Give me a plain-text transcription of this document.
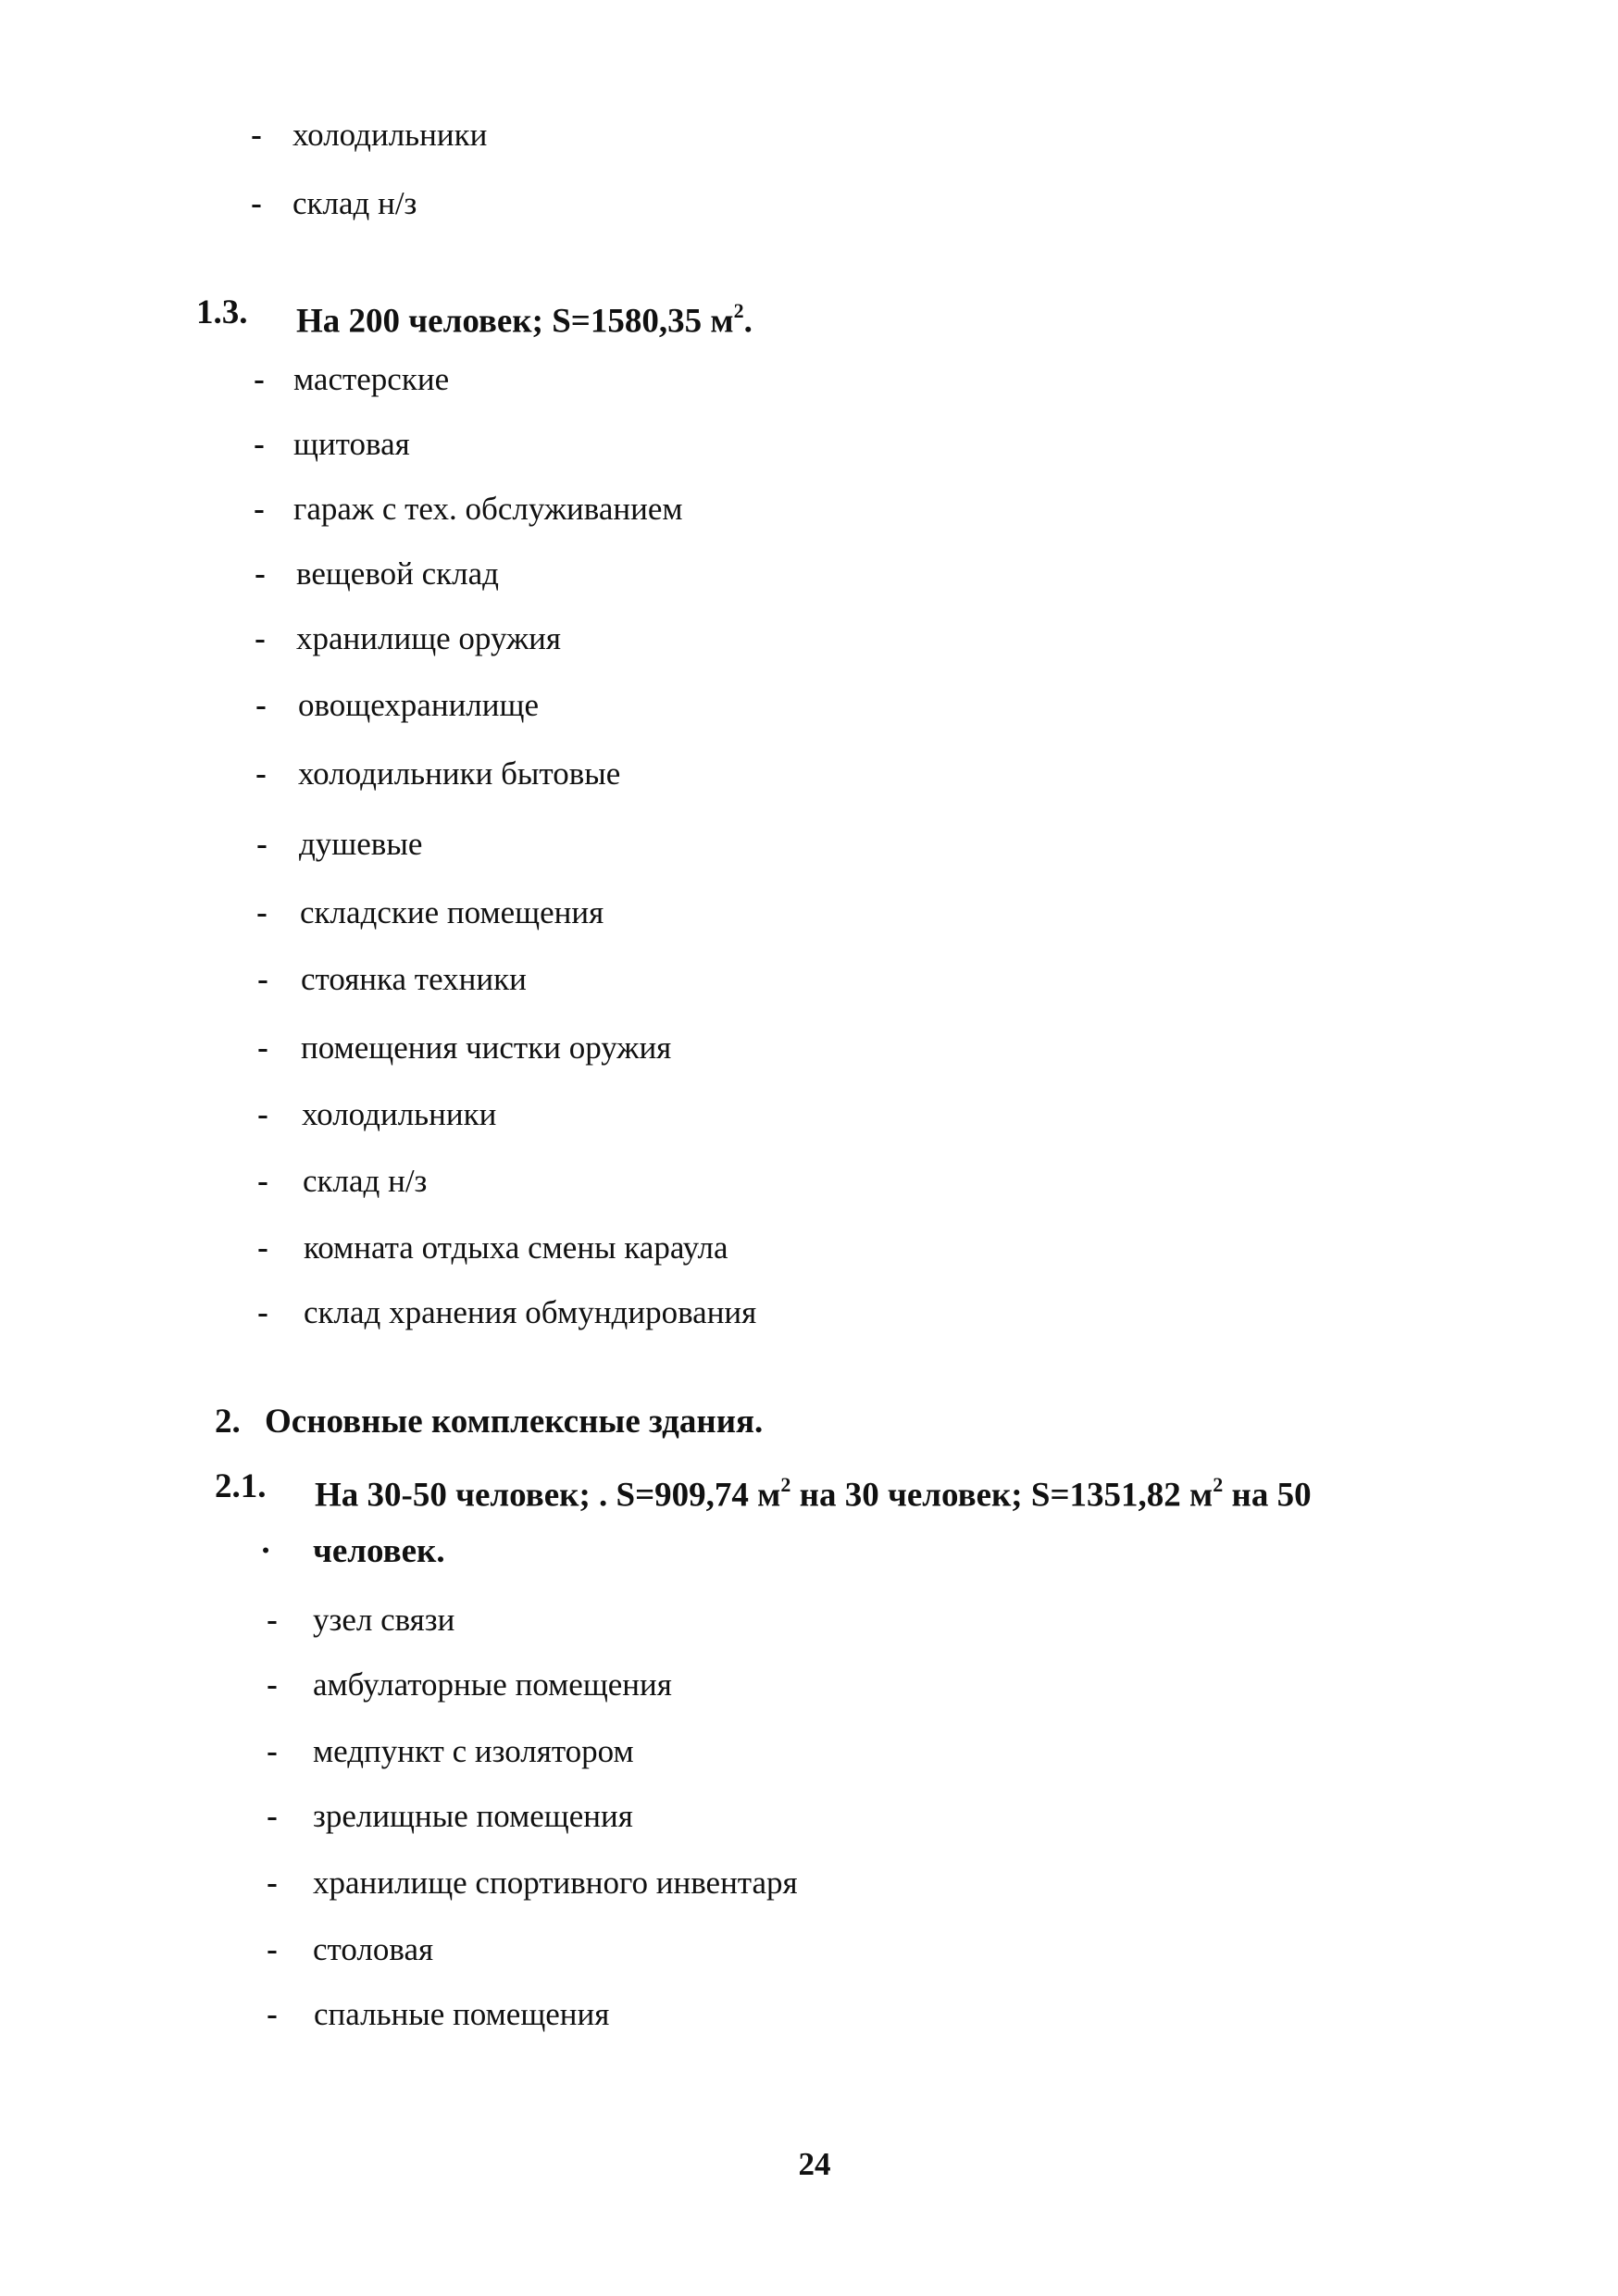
- холодильники
- склад н/з
1.3. На 200 человек; S=1580,35 $м^2$.
- мастерские
- щитовая
- гараж с тех. обслуживанием
- вещевой склад
- хранилище оружия
- овощехранилище
- холодильники бытовые
- душевые
- складские помещения
- стоянка техники
- помещения чистки оружия
- холодильники
- склад н/з
- комната отдыха смены караула
- склад хранения обмундирования
2. Основные комплексные здания.
2.1. На 30-50 человек; . S=909,74 $м^2$ на 30 человек; S=1351,82 $м^2$ на 50
· человек.
- узел связи
- амбулаторные помещения
- медпункт с изолятором
- зрелищные помещения
- хранилище спортивного инвентаря
- столовая
- спальные помещения
24
